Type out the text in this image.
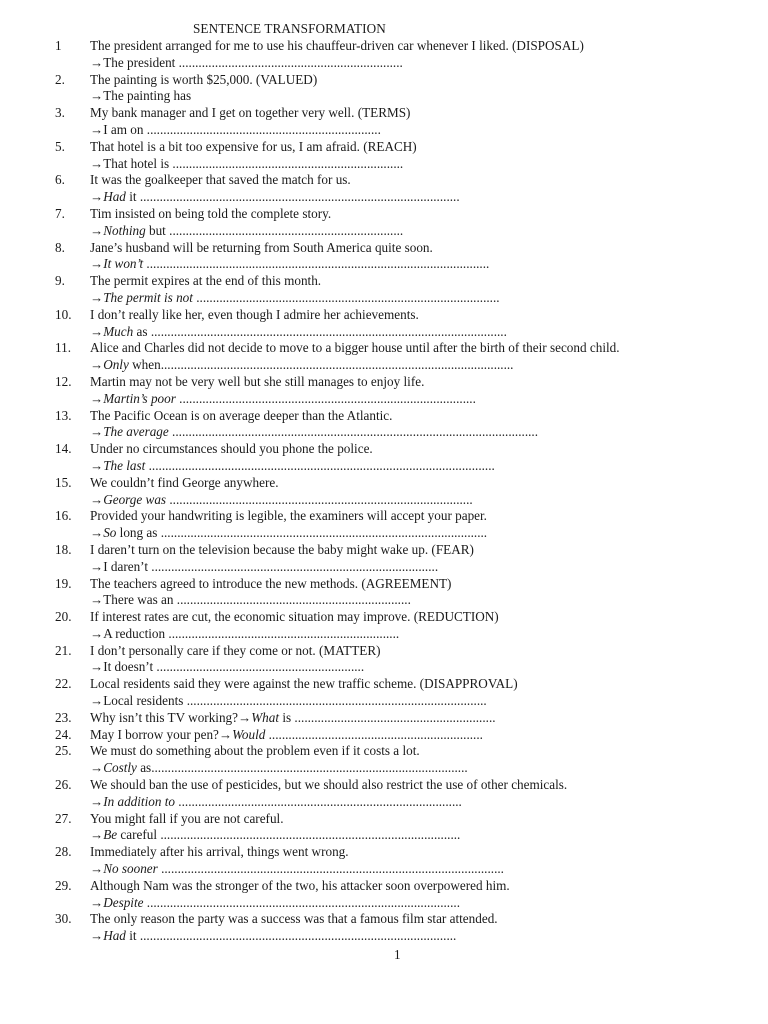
SENTENCE TRANSFORMATION
1 The president arranged for me to use his chauffeur-driven car whenever I liked. (DISPOSAL)
→The president ....................................................................
2. The painting is worth $25,000. (VALUED)
→The painting has
3. My bank manager and I get on together very well. (TERMS)
→I am on .......................................................................
5. That hotel is a bit too expensive for us, I am afraid. (REACH)
→That hotel is ......................................................................
6. It was the goalkeeper that saved the match for us.
→Had it .................................................................................................
7. Tim insisted on being told the complete story.
→Nothing but .......................................................................
8. Jane’s husband will be returning from South America quite soon.
→It won’t ........................................................................................................
9. The permit expires at the end of this month.
→The permit is not ............................................................................................
10. I don’t really like her, even though I admire her achievements.
→Much as ............................................................................................................
11. Alice and Charles did not decide to move to a bigger house until after the birth of their second child.
→Only when...........................................................................................................
12. Martin may not be very well but she still manages to enjoy life.
→Martin’s poor ..........................................................................................
13. The Pacific Ocean is on average deeper than the Atlantic.
→The average ...............................................................................................................
14. Under no circumstances should you phone the police.
→The last .........................................................................................................
15. We couldn’t find George anywhere.
→George was ............................................................................................
16. Provided your handwriting is legible, the examiners will accept your paper.
→So long as ...................................................................................................
18. I daren’t turn on the television because the baby might wake up. (FEAR)
→I daren’t .......................................................................................
19. The teachers agreed to introduce the new methods. (AGREEMENT)
→There was an .......................................................................
20. If interest rates are cut, the economic situation may improve. (REDUCTION)
→A reduction ......................................................................
21. I don’t personally care if they come or not. (MATTER)
→It doesn’t ...............................................................
22. Local residents said they were against the new traffic scheme. (DISAPPROVAL)
→Local residents ...........................................................................................
23. Why isn’t this TV working?→What is .............................................................
24. May I borrow your pen?→Would .................................................................
25. We must do something about the problem even if it costs a lot.
→Costly as................................................................................................
26. We should ban the use of pesticides, but we should also restrict the use of other chemicals.
→In addition to ......................................................................................
27. You might fall if you are not careful.
→Be careful ...........................................................................................
28. Immediately after his arrival, things went wrong.
→No sooner ........................................................................................................
29. Although Nam was the stronger of the two, his attacker soon overpowered him.
→Despite ...............................................................................................
30. The only reason the party was a success was that a famous film star attended.
→Had it ................................................................................................
1
